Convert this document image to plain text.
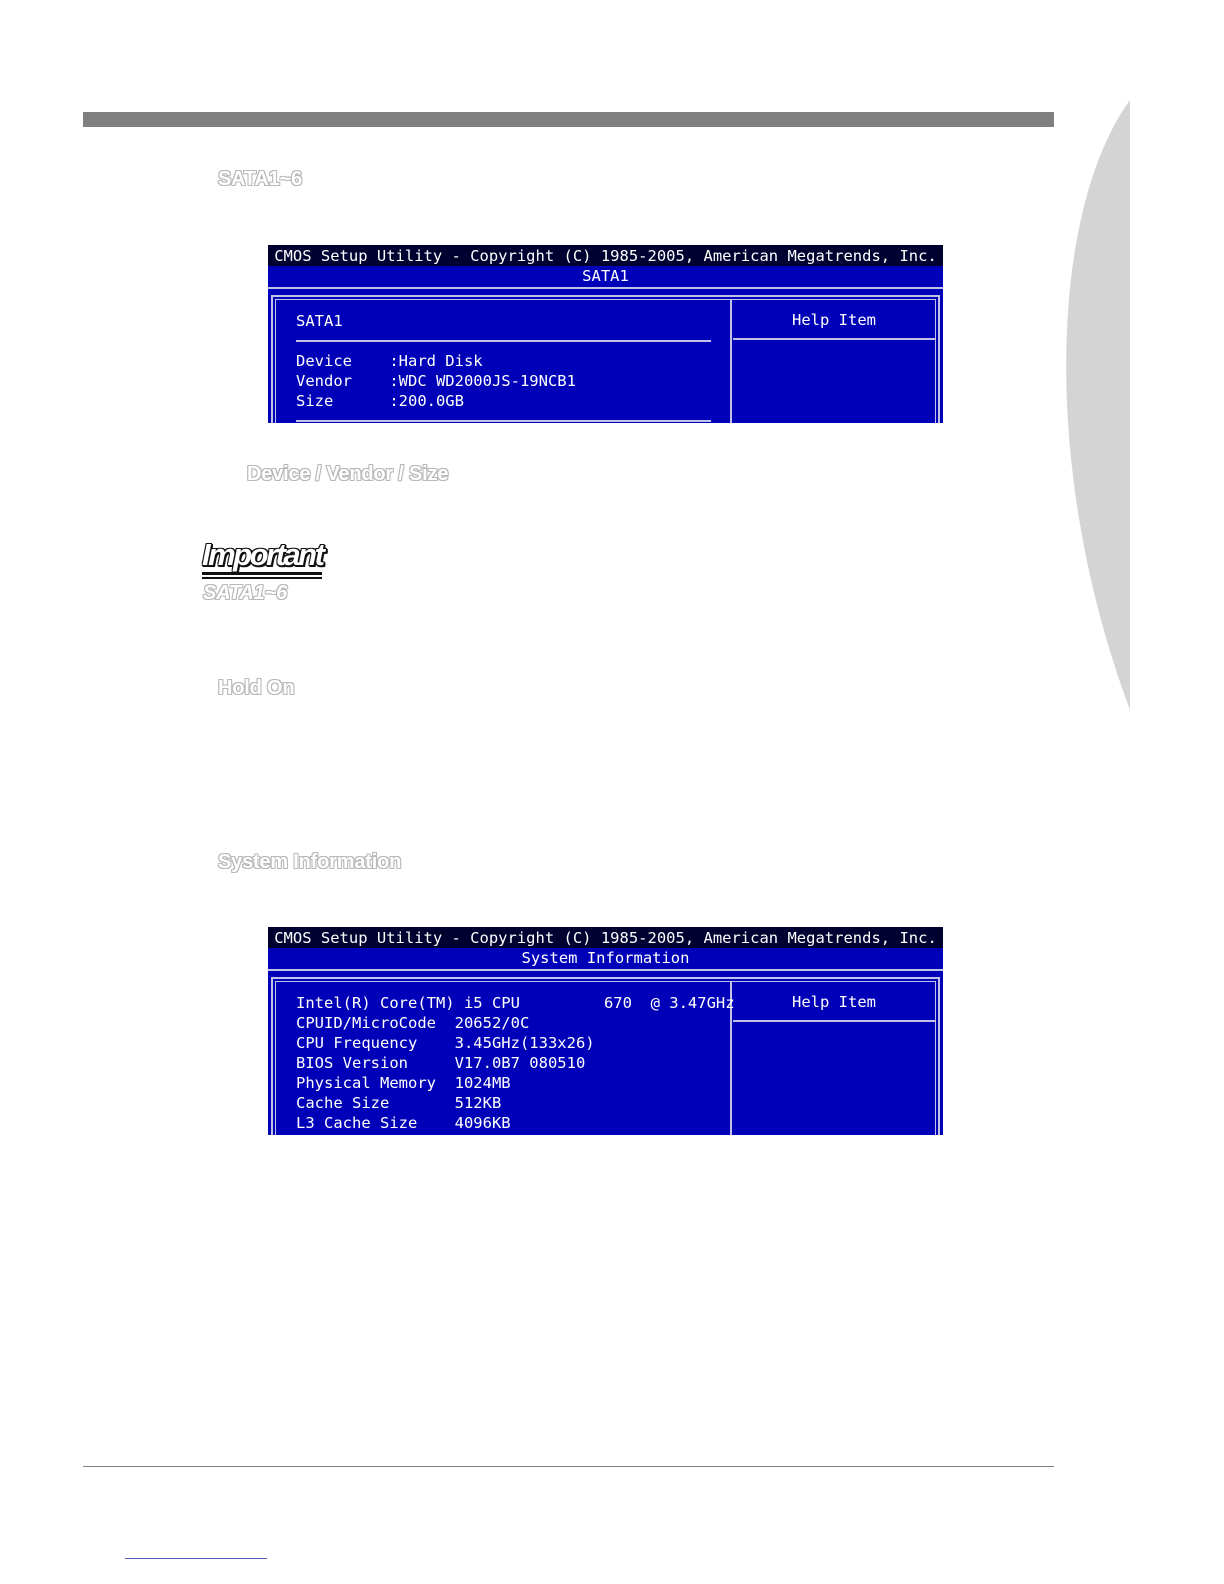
SATA1~6
CMOS Setup Utility - Copyright (C) 1985-2005, American Megatrends, Inc.
SATA1
Help Item
SATA1
Device    :Hard Disk
Vendor    :WDC WD2000JS-19NCB1
Size      :200.0GB
Device / Vendor / Size
Important
SATA1~6
Hold On
System Information
CMOS Setup Utility - Copyright (C) 1985-2005, American Megatrends, Inc.
System Information
Help Item
Intel(R) Core(TM) i5 CPU         670  @ 3.47GHz
CPUID/MicroCode  20652/0C
CPU Frequency    3.45GHz(133x26)
BIOS Version     V17.0B7 080510
Physical Memory  1024MB
Cache Size       512KB
L3 Cache Size    4096KB
